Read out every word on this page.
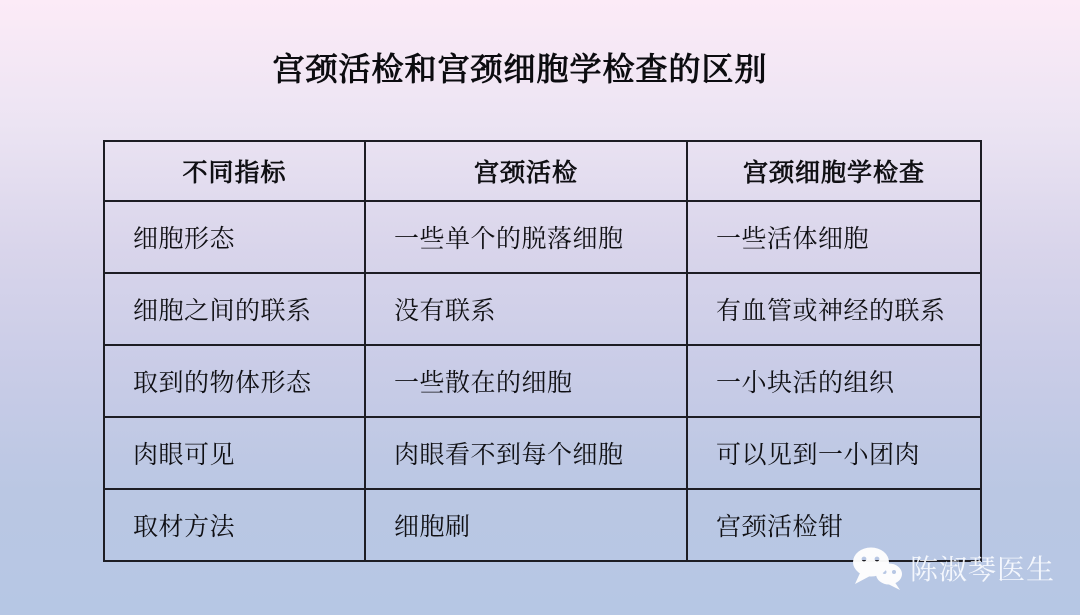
宫颈活检和宫颈细胞学检查的区别
不同指标	宫颈活检	宫颈细胞学检查
细胞形态	一些单个的脱落细胞	一些活体细胞
细胞之间的联系	没有联系	有血管或神经的联系
取到的物体形态	一些散在的细胞	一小块活的组织
肉眼可见	肉眼看不到每个细胞	可以见到一小团肉
取材方法	细胞刷	宫颈活检钳
陈淑琴医生
